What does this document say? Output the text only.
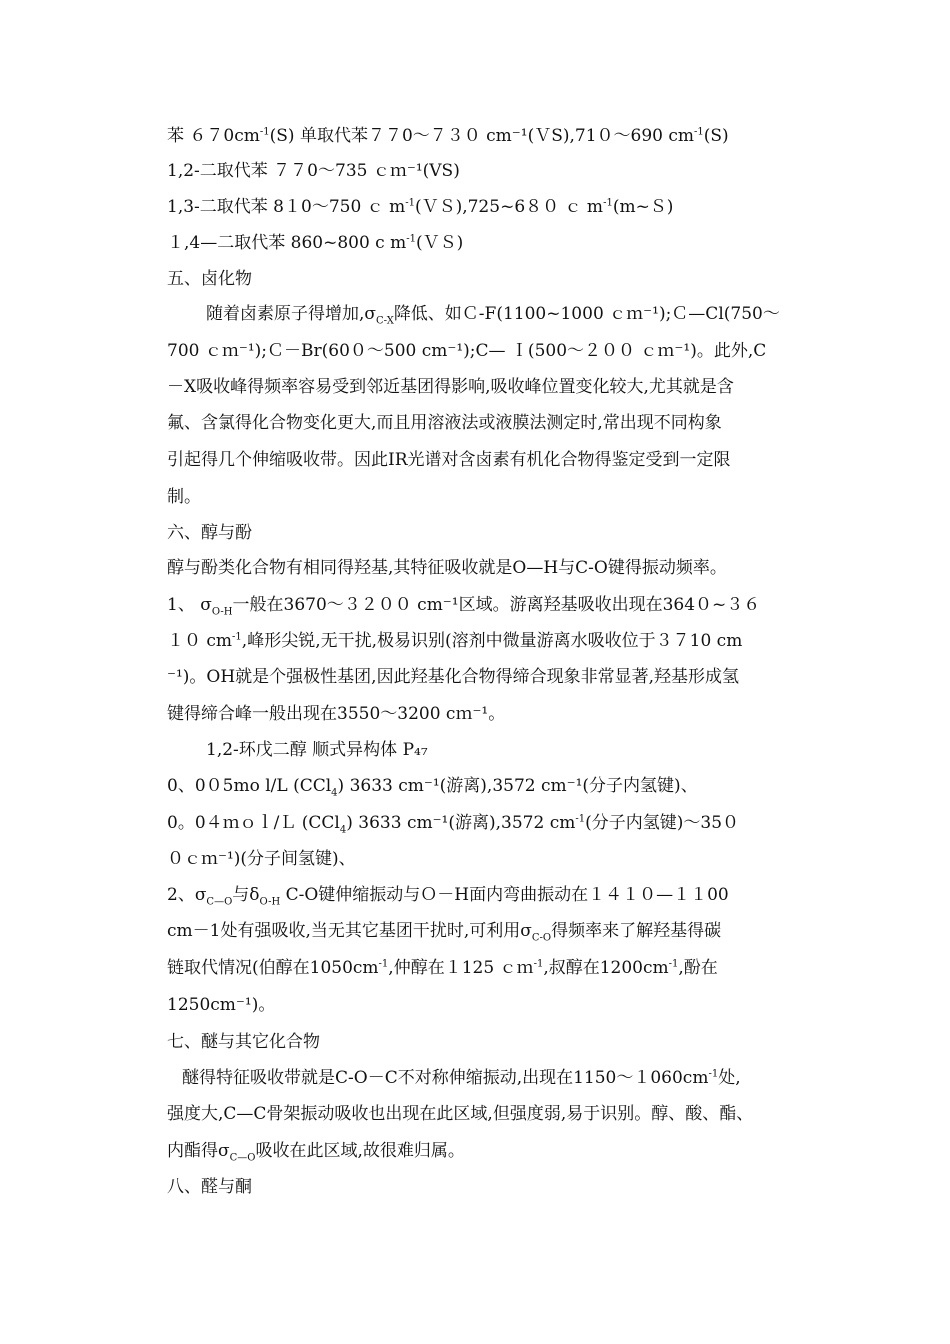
苯 $670cm^{-1}(S)$ 单取代苯７７0～７３０ cm⁻¹(ＶS),71０～690 $cm^{-1}(S)$
1,2-二取代苯 ７７0～735 ｃｍ⁻¹(VS)
1,3-二取代苯 8１0～750 ｃ $m^{-1}(VS),725\sim 680$ ｃ $m^{-1}(m\sim S)$
１,4—二取代苯 860~800 c $m^{-1}(VS)$
五、卤化物
随着卤素原子得增加$,\sigma_{C-X}$降低、如Ｃ-F(1100~1000 ｃｍ⁻¹);Ｃ—Cl(750～
700 ｃｍ⁻¹);Ｃ－Br(60０～500 cm⁻¹);C— Ｉ(500～２００ ｃｍ⁻¹)。此外,C
－X吸收峰得频率容易受到邻近基团得影响,吸收峰位置变化较大,尤其就是含
氟、含氯得化合物变化更大,而且用溶液法或液膜法测定时,常出现不同构象
引起得几个伸缩吸收带。因此IR光谱对含卤素有机化合物得鉴定受到一定限
制。
六、醇与酚
醇与酚类化合物有相同得羟基,其特征吸收就是O—H与C-O键得振动频率。
1、 $\sigma_{O-H}$一般在3670～３２００ cm⁻¹区域。游离羟基吸收出现在364０~３６
１０ $cm^{-1}$,峰形尖锐,无干扰,极易识别(溶剂中微量游离水吸收位于３７10 cm
⁻¹)。OH就是个强极性基团,因此羟基化合物得缔合现象非常显著,羟基形成氢
键得缔合峰一般出现在3550～3200 cｍ⁻¹。
1,2-环戊二醇 顺式异构体 P₄₇
0、0０5mo l/L (CCl$_4$) 3633 cm⁻¹(游离),3572 cm⁻¹(分子内氢键)、
0。0４ｍｏｌ/Ｌ (CCl$_4$) 3633 cm⁻¹(游离),3572 $cm^{-1}$(分子内氢键)～35０
０ｃｍ⁻¹)(分子间氢键)、
2、$\sigma_{C—O}$与$\delta_{O-H}$ C-O键伸缩振动与Ｏ－H面内弯曲振动在１４１０—１１00
cm－1处有强吸收,当无其它基团干扰时,可利用$\sigma_{C-O}$得频率来了解羟基得碳
链取代情况(伯醇在$1050cm^{-1}$,仲醇在１125 ｃｍ$^{-1}$,叔醇在$1200cm^{-1}$,酚在
1250cm⁻¹)。
七、醚与其它化合物
醚得特征吸收带就是C-O－C不对称伸缩振动,出现在$1150\sim 1060cm^{-1}$处,
强度大,C—C骨架振动吸收也出现在此区域,但强度弱,易于识别。醇、酸、酯、
内酯得$\sigma_{C—O}$吸收在此区域,故很难归属。
八、醛与酮
